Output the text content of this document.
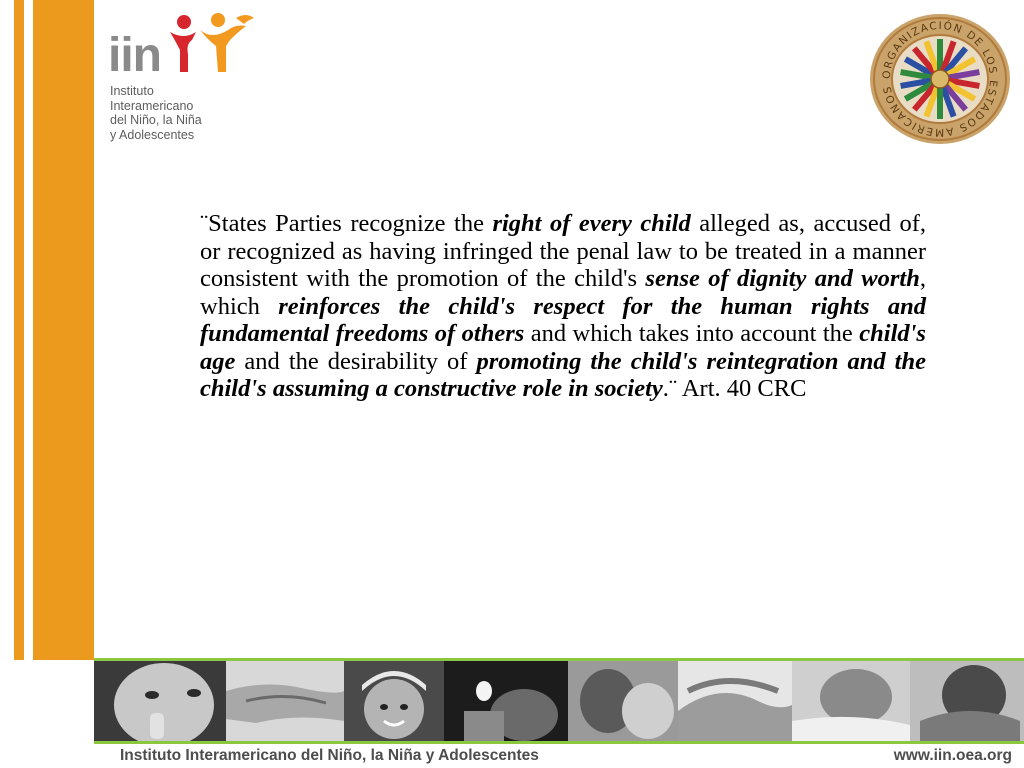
iin
Instituto
Interamericano
del Niño, la Niña
y Adolescentes
ORGANIZACIÓN DE LOS ESTADOS AMERICANOS
¨States Parties recognize the right of every child alleged as, accused of, or recognized as having infringed the penal law to be treated in a manner consistent with the promotion of the child's sense of dignity and worth, which reinforces the child's respect for the human rights and fundamental freedoms of others and which takes into account the child's age and the desirability of promoting the child's reintegration and the child's assuming a constructive role in society.¨ Art. 40 CRC
Instituto Interamericano del Niño, la Niña y Adolescentes	www.iin.oea.org
